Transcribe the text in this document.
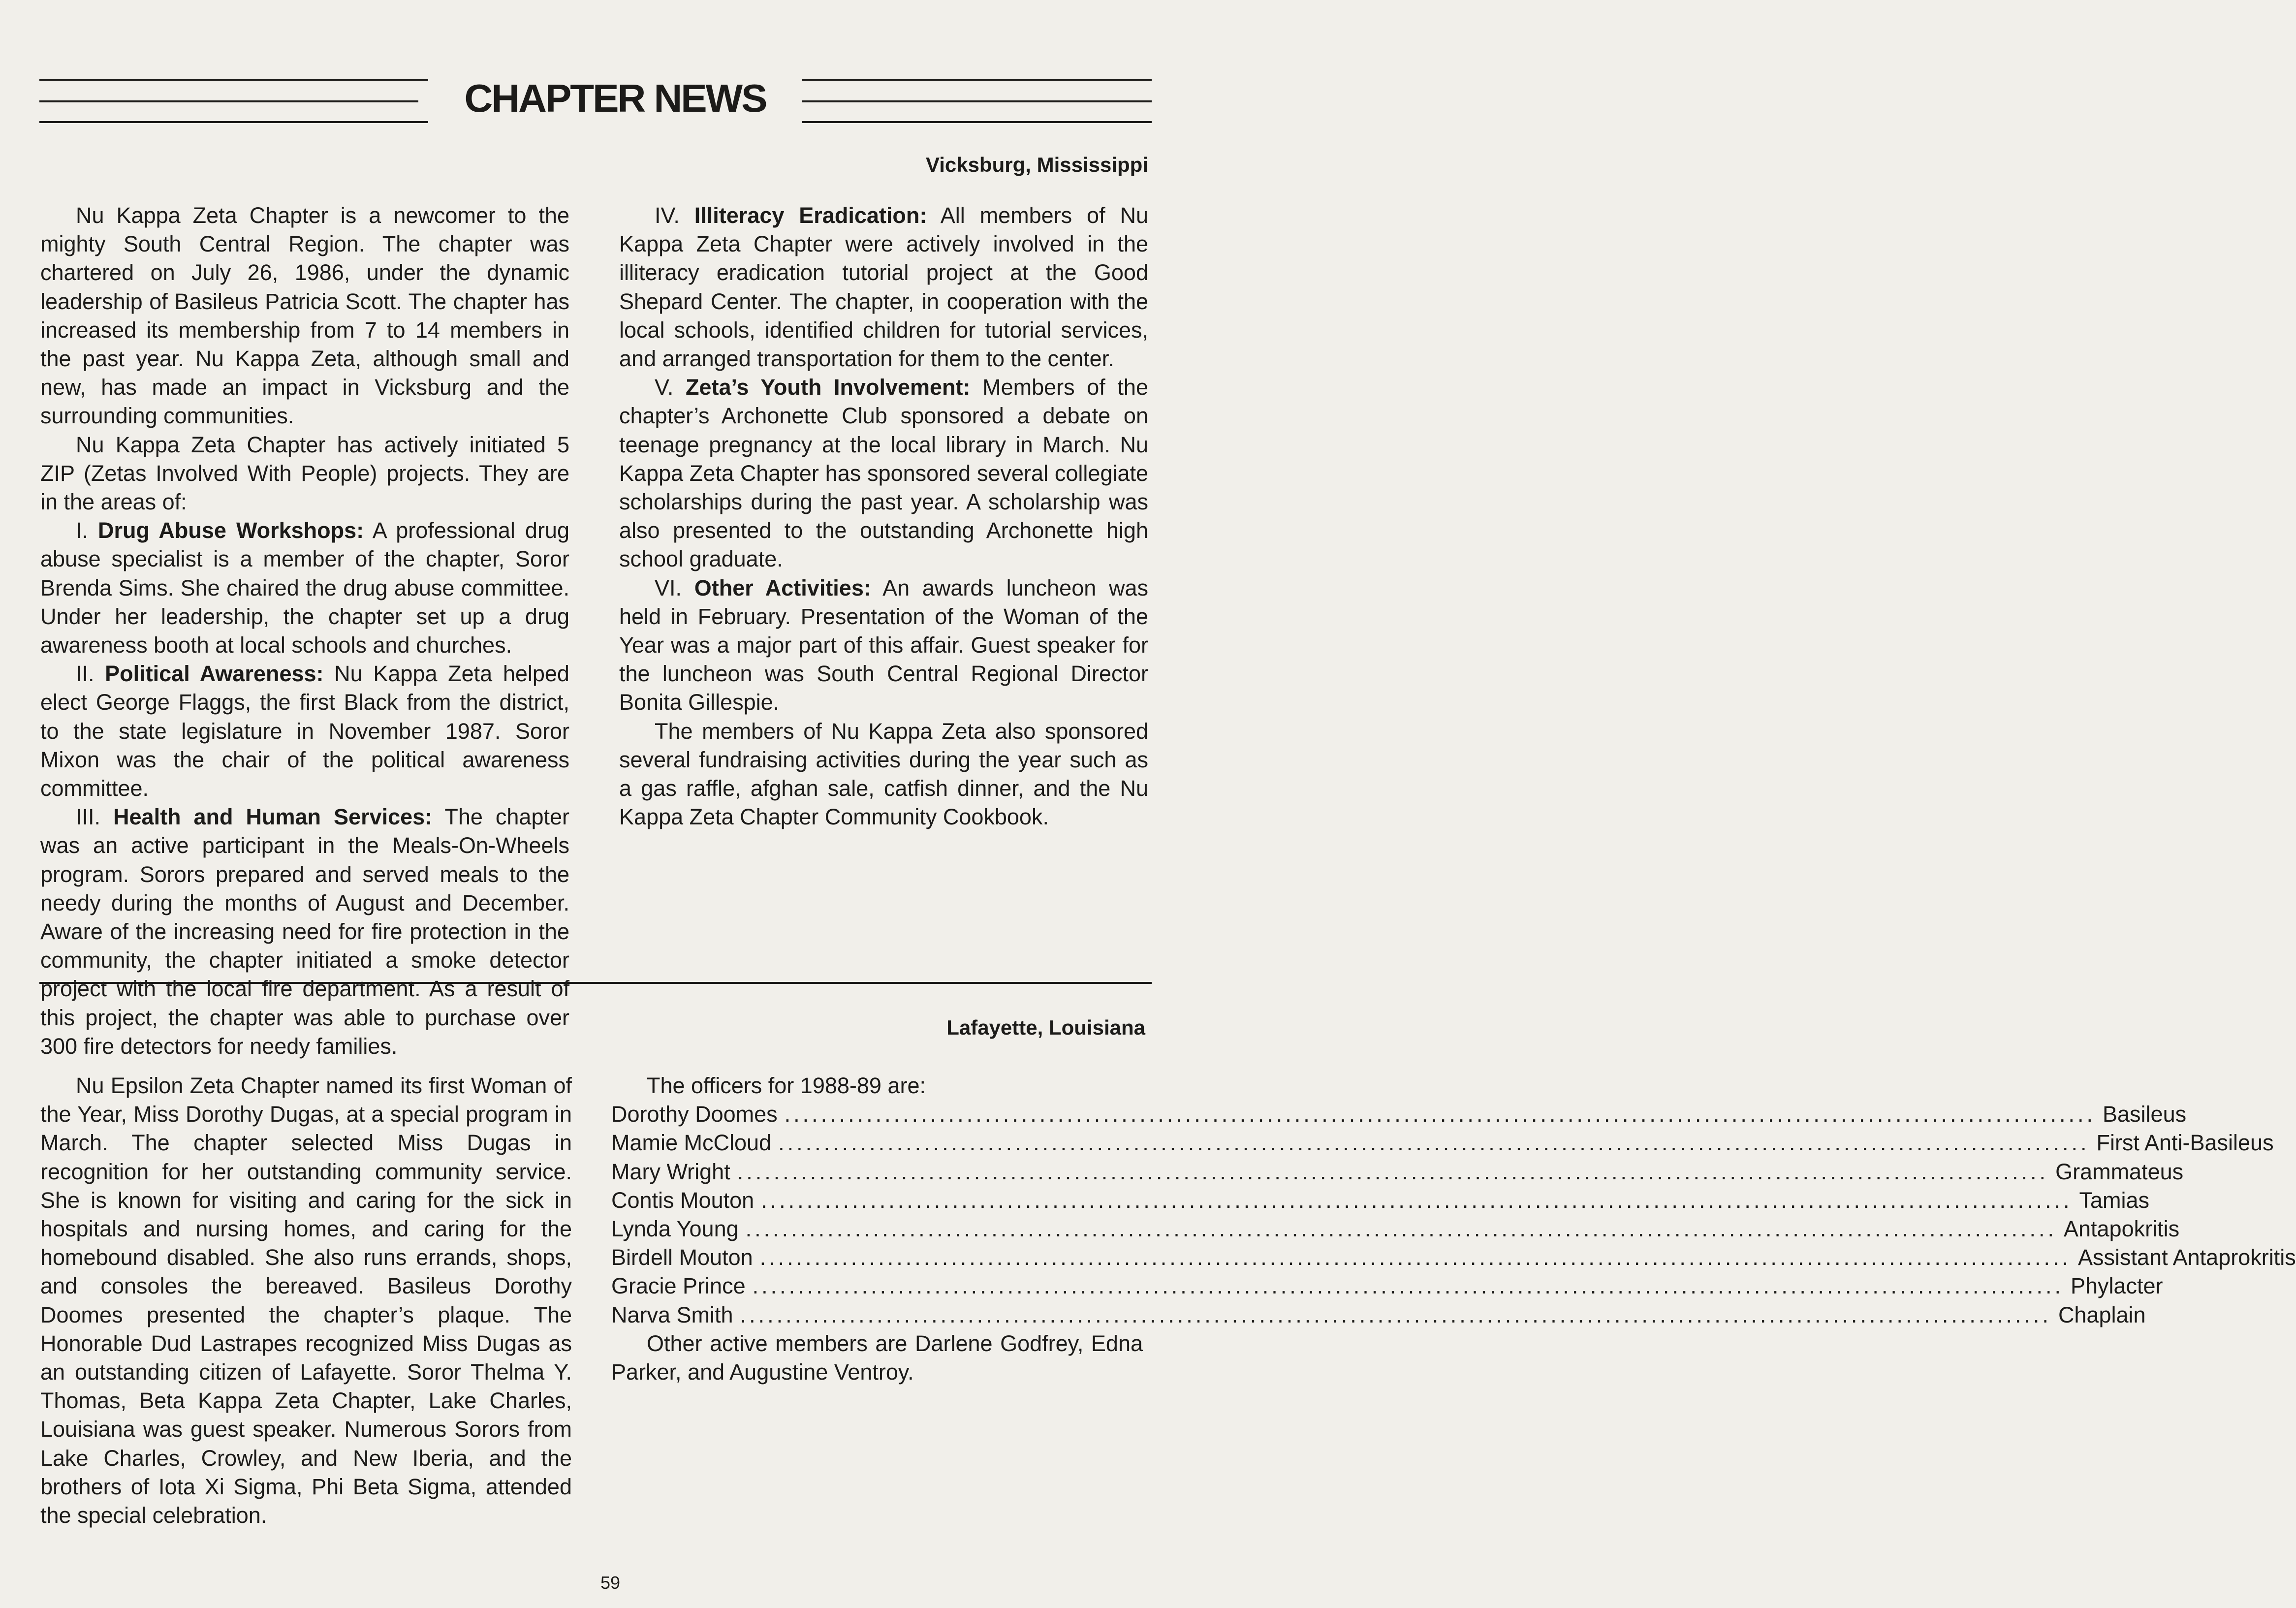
CHAPTER NEWS
Vicksburg, Mississippi

Nu Kappa Zeta Chapter is a newcomer to the mighty South Central Region. The chapter was chartered on July 26, 1986, under the dynamic leadership of Basileus Patricia Scott. The chapter has increased its membership from 7 to 14 members in the past year. Nu Kappa Zeta, although small and new, has made an impact in Vicksburg and the surrounding communities.

Nu Kappa Zeta Chapter has actively initiated 5 ZIP (Zetas Involved With People) projects. They are in the areas of:

I. Drug Abuse Workshops: A professional drug abuse specialist is a member of the chapter, Soror Brenda Sims. She chaired the drug abuse committee. Under her leadership, the chapter set up a drug awareness booth at local schools and churches.

II. Political Awareness: Nu Kappa Zeta helped elect George Flaggs, the first Black from the district, to the state legislature in November 1987. Soror Mixon was the chair of the political awareness committee.

III. Health and Human Services: The chapter was an active participant in the Meals-On-Wheels program. Sorors prepared and served meals to the needy during the months of August and December. Aware of the increasing need for fire protection in the community, the chapter initiated a smoke detector project with the local fire department. As a result of this project, the chapter was able to purchase over 300 fire detectors for needy families.

IV. Illiteracy Eradication: All members of Nu Kappa Zeta Chapter were actively involved in the illiteracy eradication tutorial project at the Good Shepard Center. The chapter, in cooperation with the local schools, identified children for tutorial services, and arranged transportation for them to the center.

V. Zeta’s Youth Involvement: Members of the chapter’s Archonette Club sponsored a debate on teenage pregnancy at the local library in March. Nu Kappa Zeta Chapter has sponsored several collegiate scholarships during the past year. A scholarship was also presented to the outstanding Archonette high school graduate.

VI. Other Activities: An awards luncheon was held in February. Presentation of the Woman of the Year was a major part of this affair. Guest speaker for the luncheon was South Central Regional Director Bonita Gillespie.

The members of Nu Kappa Zeta also sponsored several fundraising activities during the year such as a gas raffle, afghan sale, catfish dinner, and the Nu Kappa Zeta Chapter Community Cookbook.

Lafayette, Louisiana

Nu Epsilon Zeta Chapter named its first Woman of the Year, Miss Dorothy Dugas, at a special program in March. The chapter selected Miss Dugas in recognition for her outstanding community service. She is known for visiting and caring for the sick in hospitals and nursing homes, and caring for the homebound disabled. She also runs errands, shops, and consoles the bereaved. Basileus Dorothy Doomes presented the chapter’s plaque. The Honorable Dud Lastrapes recognized Miss Dugas as an outstanding citizen of Lafayette. Soror Thelma Y. Thomas, Beta Kappa Zeta Chapter, Lake Charles, Louisiana was guest speaker. Numerous Sorors from Lake Charles, Crowley, and New Iberia, and the brothers of Iota Xi Sigma, Phi Beta Sigma, attended the special celebration.

The officers for 1988-89 are:

Dorothy Doomes .....	Basileus
Mamie McCloud .....	First Anti-Basileus
Mary Wright .....	Grammateus
Contis Mouton .....	Tamias
Lynda Young .....	Antapokritis
Birdell Mouton .....	Assistant Antaprokritis
Gracie Prince .....	Phylacter
Narva Smith .....	Chaplain

Other active members are Darlene Godfrey, Edna Parker, and Augustine Ventroy.

59
